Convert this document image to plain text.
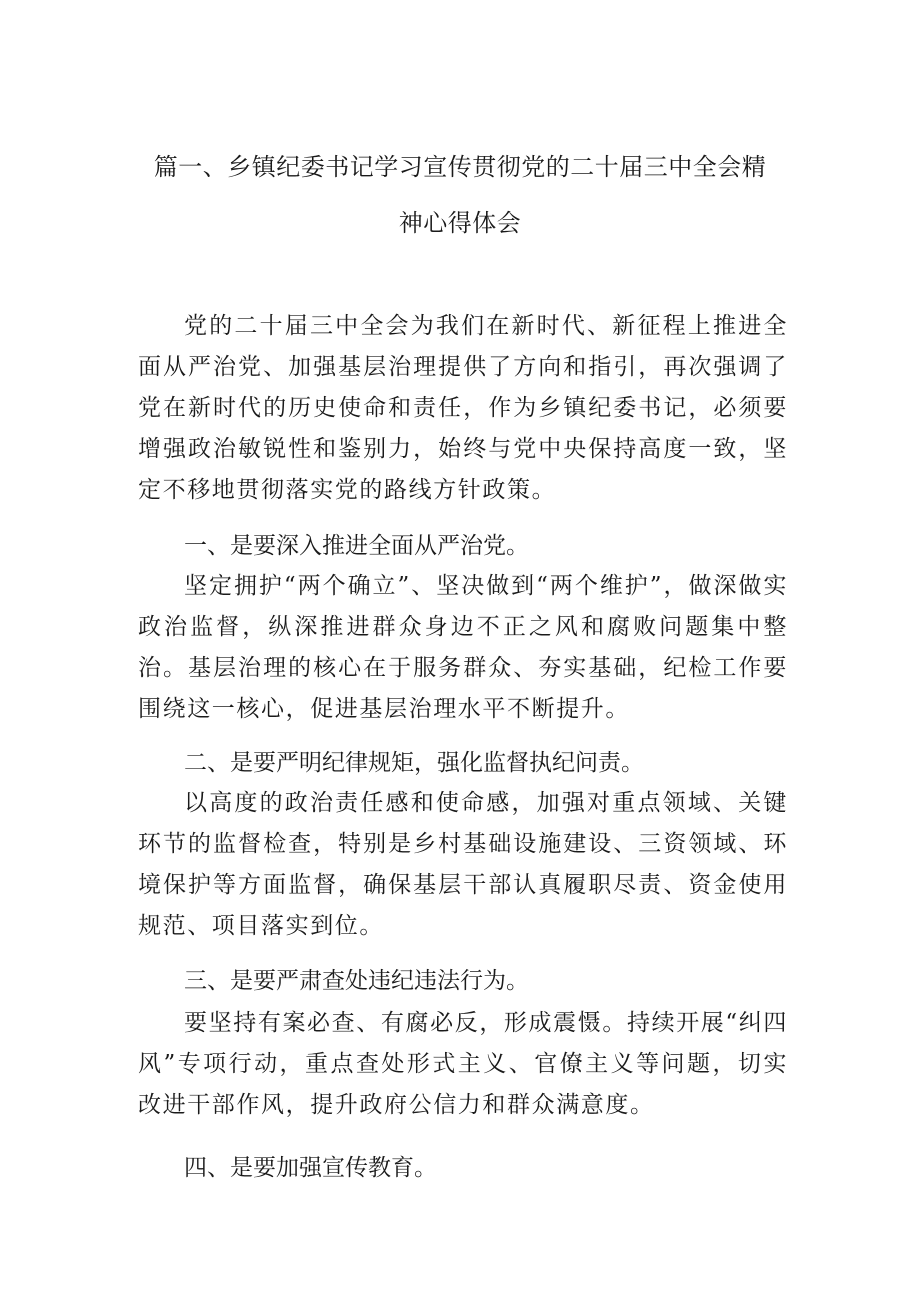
篇一、乡镇纪委书记学习宣传贯彻党的二十届三中全会精
神心得体会

党的二十届三中全会为我们在新时代、新征程上推进全面从严治党、加强基层治理提供了方向和指引，再次强调了党在新时代的历史使命和责任，作为乡镇纪委书记，必须要增强政治敏锐性和鉴别力，始终与党中央保持高度一致，坚定不移地贯彻落实党的路线方针政策。

一、是要深入推进全面从严治党。

坚定拥护“两个确立”、坚决做到“两个维护”，做深做实政治监督，纵深推进群众身边不正之风和腐败问题集中整治。基层治理的核心在于服务群众、夯实基础，纪检工作要围绕这一核心，促进基层治理水平不断提升。

二、是要严明纪律规矩，强化监督执纪问责。

以高度的政治责任感和使命感，加强对重点领域、关键环节的监督检查，特别是乡村基础设施建设、三资领域、环境保护等方面监督，确保基层干部认真履职尽责、资金使用规范、项目落实到位。

三、是要严肃查处违纪违法行为。

要坚持有案必查、有腐必反，形成震慑。持续开展“纠四风”专项行动，重点查处形式主义、官僚主义等问题，切实改进干部作风，提升政府公信力和群众满意度。

四、是要加强宣传教育。
